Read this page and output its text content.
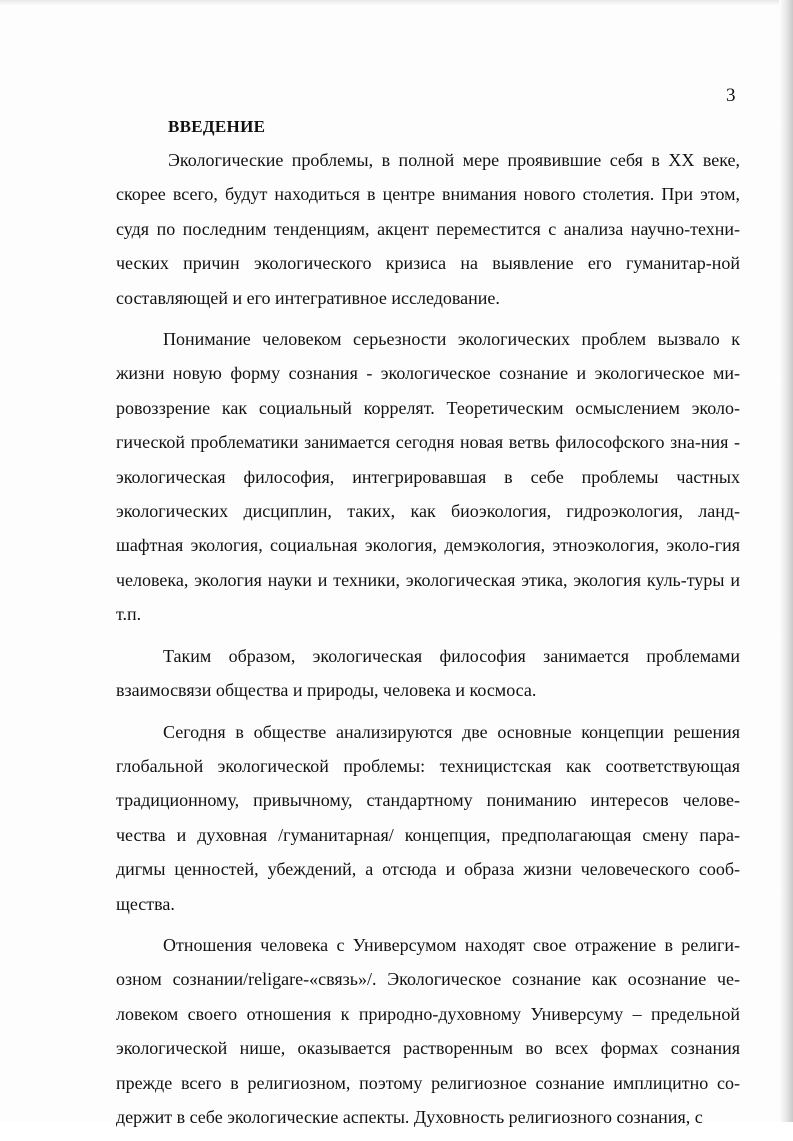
3
ВВЕДЕНИЕ

Экологические проблемы, в полной мере проявившие себя в ХХ веке, скорее всего, будут находиться в центре внимания нового столетия. При этом, судя по последним тенденциям, акцент переместится с анализа научно-техни-ческих причин экологического кризиса на выявление его гуманитар-ной составляющей и его интегративное исследование.

Понимание человеком серьезности экологических проблем вызвало к жизни новую форму сознания - экологическое сознание и экологическое ми-ровоззрение как социальный коррелят. Теоретическим осмыслением эколо-гической проблематики занимается сегодня новая ветвь философского зна-ния - экологическая философия, интегрировавшая в себе проблемы частных экологических дисциплин, таких, как биоэкология, гидроэкология, ланд-шафтная экология, социальная экология, демэкология, этноэкология, эколо-гия человека, экология науки и техники, экологическая этика, экология куль-туры и т.п.

Таким образом, экологическая философия занимается проблемами взаимосвязи общества и природы, человека и космоса.

Сегодня в обществе анализируются две основные концепции решения глобальной экологической проблемы: техницистская как соответствующая традиционному, привычному, стандартному пониманию интересов челове-чества и духовная /гуманитарная/ концепция, предполагающая смену пара-дигмы ценностей, убеждений, а отсюда и образа жизни человеческого сооб-щества.

Отношения человека с Универсумом находят свое отражение в религи-озном сознании/religare-«связь»/. Экологическое сознание как осознание че-ловеком своего отношения к природно-духовному Универсуму – предельной экологической нише, оказывается растворенным во всех формах сознания прежде всего в религиозном, поэтому религиозное сознание имплицитно со-держит в себе экологические аспекты. Духовность религиозного сознания, с
